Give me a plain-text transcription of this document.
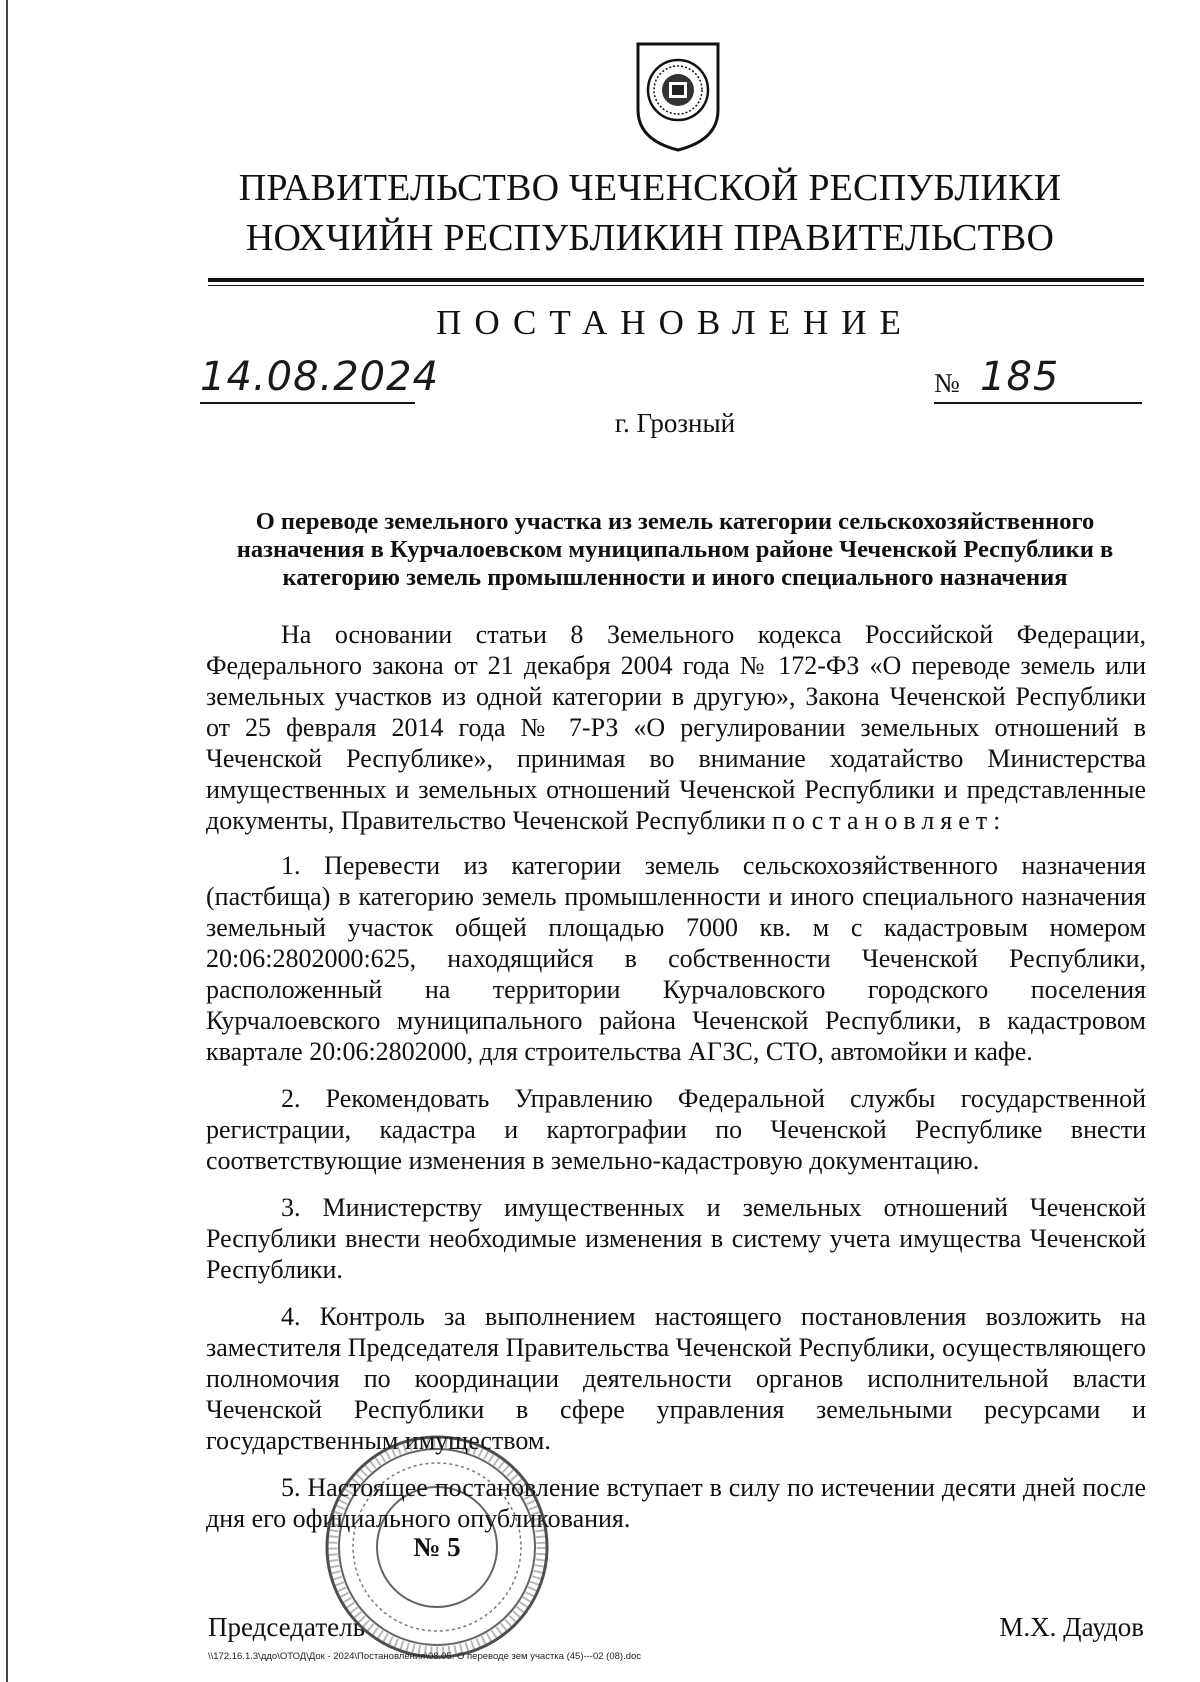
ПРАВИТЕЛЬСТВО ЧЕЧЕНСКОЙ РЕСПУБЛИКИ
НОХЧИЙН РЕСПУБЛИКИН ПРАВИТЕЛЬСТВО
ПОСТАНОВЛЕНИЕ
14.08.2024	№ 185
г. Грозный
О переводе земельного участка из земель категории сельскохозяйственного назначения в Курчалоевском муниципальном районе Чеченской Республики в категорию земель промышленности и иного специального назначения

На основании статьи 8 Земельного кодекса Российской Федерации, Федерального закона от 21 декабря 2004 года № 172-ФЗ «О переводе земель или земельных участков из одной категории в другую», Закона Чеченской Республики от 25 февраля 2014 года № 7-РЗ «О регулировании земельных отношений в Чеченской Республике», принимая во внимание ходатайство Министерства имущественных и земельных отношений Чеченской Республики и представленные документы, Правительство Чеченской Республики постановляет:

1. Перевести из категории земель сельскохозяйственного назначения (пастбища) в категорию земель промышленности и иного специального назначения земельный участок общей площадью 7000 кв. м с кадастровым номером 20:06:2802000:625, находящийся в собственности Чеченской Республики, расположенный на территории Курчаловского городского поселения Курчалоевского муниципального района Чеченской Республики, в кадастровом квартале 20:06:2802000, для строительства АГЗС, СТО, автомойки и кафе.

2. Рекомендовать Управлению Федеральной службы государственной регистрации, кадастра и картографии по Чеченской Республике внести соответствующие изменения в земельно-кадастровую документацию.

3. Министерству имущественных и земельных отношений Чеченской Республики внести необходимые изменения в систему учета имущества Чеченской Республики.

4. Контроль за выполнением настоящего постановления возложить на заместителя Председателя Правительства Чеченской Республики, осуществляющего полномочия по координации деятельности органов исполнительной власти Чеченской Республики в сфере управления земельными ресурсами и государственным имуществом.

5. Настоящее постановление вступает в силу по истечении десяти дней после дня его официального опубликования.

№ 5
Председатель	М.Х. Даудов
\\172.16.1.3\ддо\ОТОД\Док - 2024\Постановления\08.05. О переводе зем участка (45)---02 (08).doc
